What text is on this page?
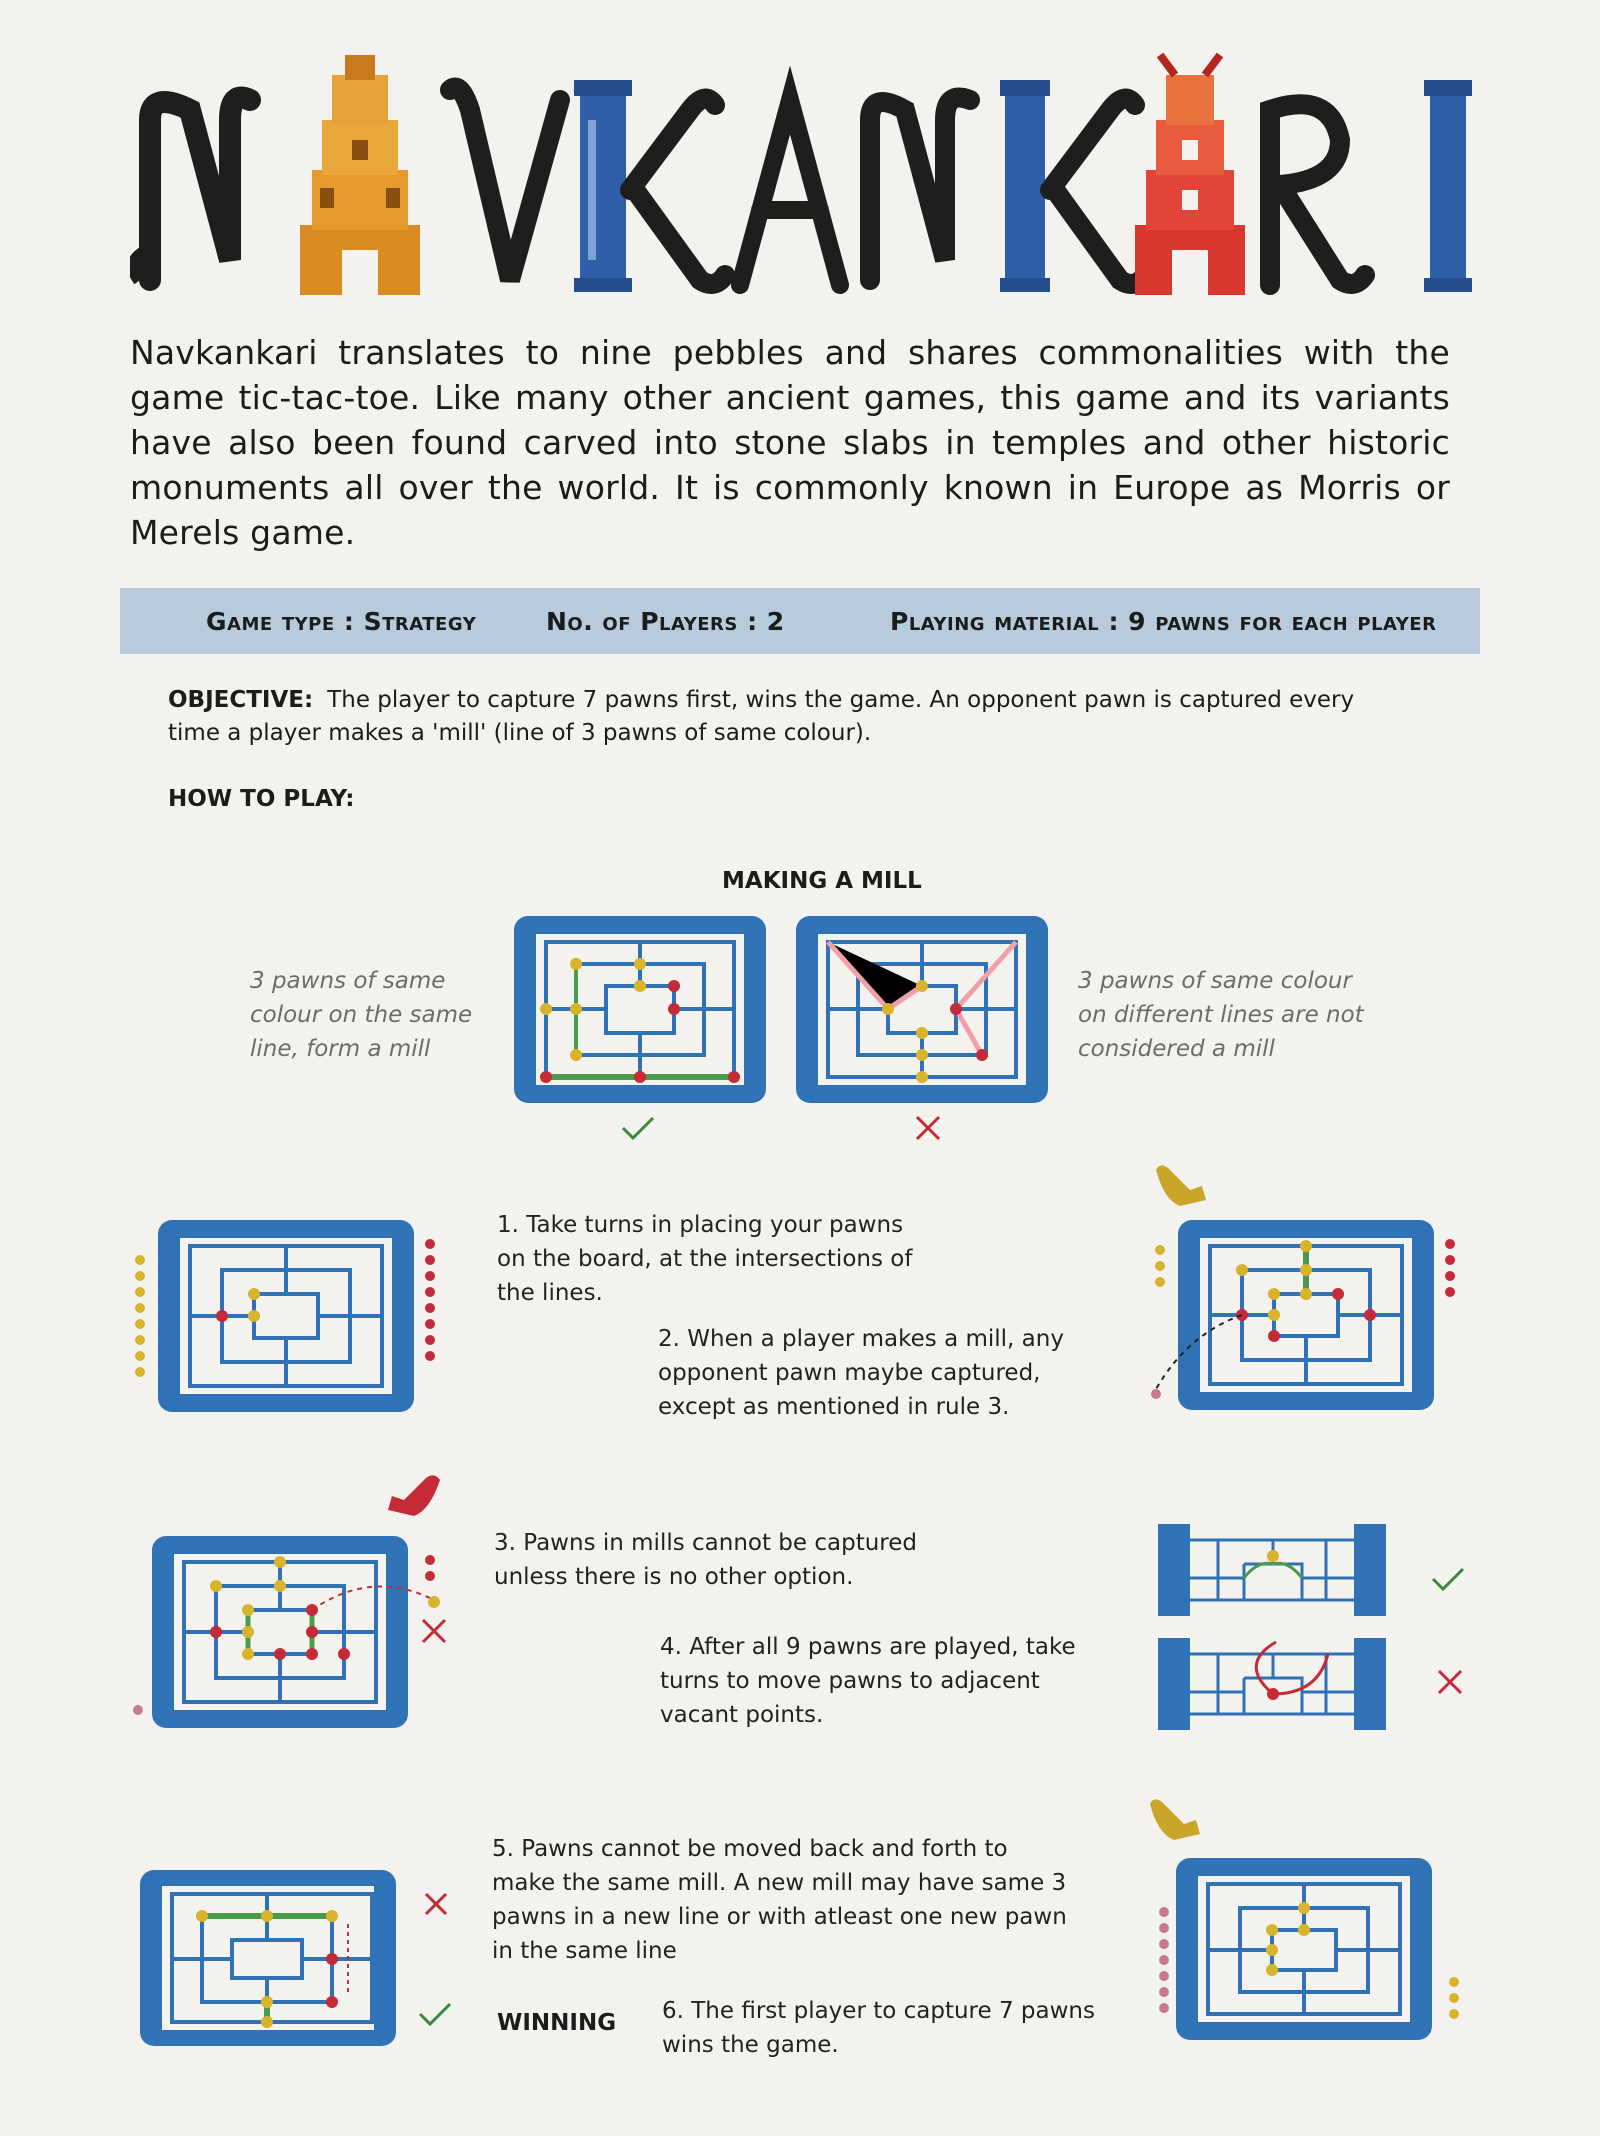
Navkankari translates to nine pebbles and shares commonalities with the game tic-tac-toe. Like many other ancient games, this game and its variants have also been found carved into stone slabs in temples and other historic monuments all over the world. It is commonly known in Europe as Morris or Merels game.
Game type : Strategy	No. of Players : 2	Playing material : 9 pawns for each player
OBJECTIVE: The player to capture 7 pawns first, wins the game. An opponent pawn is captured every time a player makes a 'mill' (line of 3 pawns of same colour).
HOW TO PLAY:
MAKING A MILL
3 pawns of same colour on the same line, form a mill
3 pawns of same colour on different lines are not considered a mill
1. Take turns in placing your pawns on the board, at the intersections of the lines.
2. When a player makes a mill, any opponent pawn maybe captured, except as mentioned in rule 3.
3. Pawns in mills cannot be captured unless there is no other option.
4. After all 9 pawns are played, take turns to move pawns to adjacent vacant points.
5. Pawns cannot be moved back and forth to make the same mill. A new mill may have same 3 pawns in a new line or with atleast one new pawn in the same line
WINNING 6. The first player to capture 7 pawns wins the game.
